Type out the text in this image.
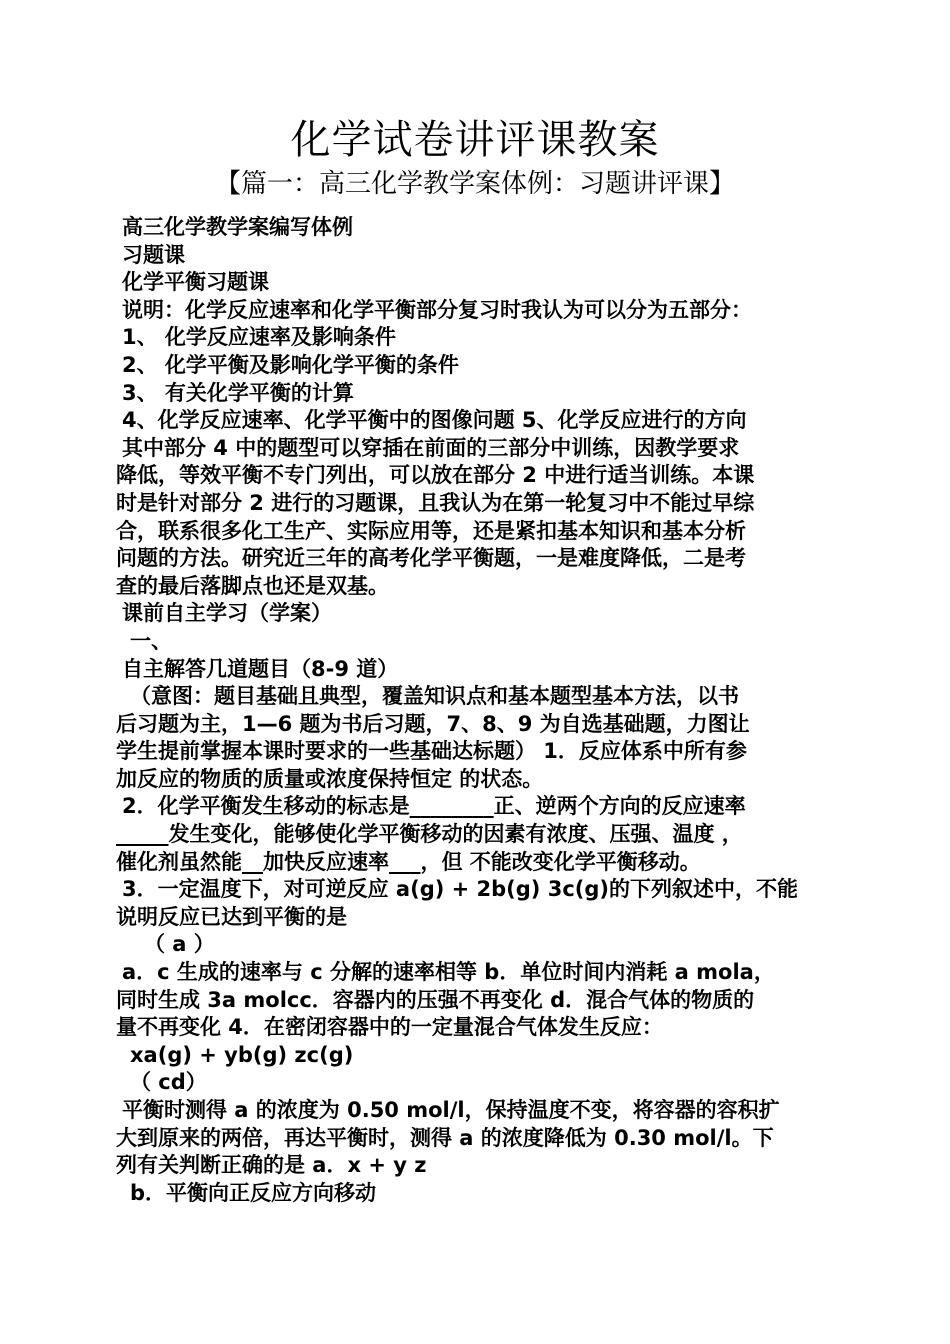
化学试卷讲评课教案
【篇一：高三化学教学案体例：习题讲评课】
高三化学教学案编写体例
习题课
化学平衡习题课
说明：化学反应速率和化学平衡部分复习时我认为可以分为五部分：
1、 化学反应速率及影响条件
2、 化学平衡及影响化学平衡的条件
3、 有关化学平衡的计算
4、化学反应速率、化学平衡中的图像问题 5、化学反应进行的方向
其中部分 4 中的题型可以穿插在前面的三部分中训练，因教学要求
降低，等效平衡不专门列出，可以放在部分 2 中进行适当训练。本课
时是针对部分 2 进行的习题课，且我认为在第一轮复习中不能过早综
合，联系很多化工生产、实际应用等，还是紧扣基本知识和基本分析
问题的方法。研究近三年的高考化学平衡题，一是难度降低，二是考
查的最后落脚点也还是双基。
课前自主学习（学案）
一、
自主解答几道题目（8-9 道）
（意图：题目基础且典型，覆盖知识点和基本题型基本方法，以书
后习题为主，1—6 题为书后习题，7、8、9 为自选基础题，力图让
学生提前掌握本课时要求的一些基础达标题） 1．反应体系中所有参
加反应的物质的质量或浓度保持恒定 的状态。
2．化学平衡发生移动的标志是________正、逆两个方向的反应速率
_____发生变化，能够使化学平衡移动的因素有浓度、压强、温度 ，
催化剂虽然能__加快反应速率___，但 不能改变化学平衡移动。
3．一定温度下，对可逆反应 a(g) + 2b(g) 3c(g)的下列叙述中，不能
说明反应已达到平衡的是
（ a ）
a．c 生成的速率与 c 分解的速率相等 b．单位时间内消耗 a mola，
同时生成 3a molcc．容器内的压强不再变化 d．混合气体的物质的
量不再变化 4．在密闭容器中的一定量混合气体发生反应：
xa(g) + yb(g) zc(g)
（ cd）
平衡时测得 a 的浓度为 0.50 mol/l，保持温度不变，将容器的容积扩
大到原来的两倍，再达平衡时，测得 a 的浓度降低为 0.30 mol/l。下
列有关判断正确的是 a．x + y z
b．平衡向正反应方向移动
